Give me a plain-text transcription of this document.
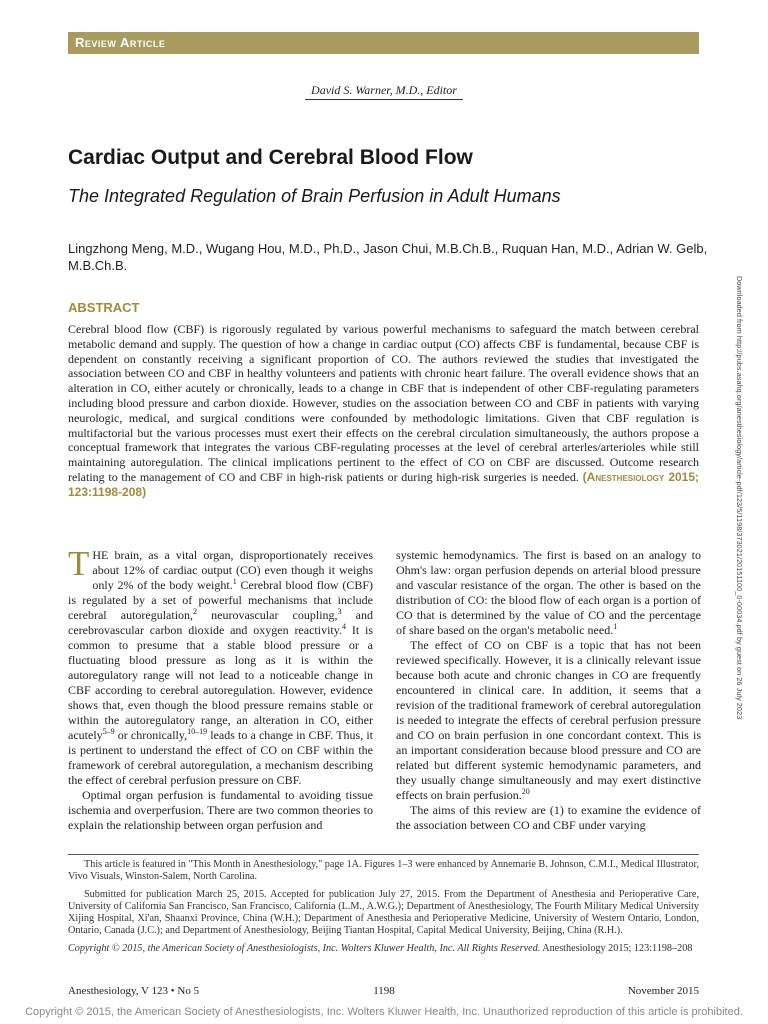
Review Article
David S. Warner, M.D., Editor
Cardiac Output and Cerebral Blood Flow
The Integrated Regulation of Brain Perfusion in Adult Humans
Lingzhong Meng, M.D., Wugang Hou, M.D., Ph.D., Jason Chui, M.B.Ch.B., Ruquan Han, M.D., Adrian W. Gelb, M.B.Ch.B.
ABSTRACT
Cerebral blood flow (CBF) is rigorously regulated by various powerful mechanisms to safeguard the match between cerebral metabolic demand and supply. The question of how a change in cardiac output (CO) affects CBF is fundamental, because CBF is dependent on constantly receiving a significant proportion of CO. The authors reviewed the studies that investigated the association between CO and CBF in healthy volunteers and patients with chronic heart failure. The overall evidence shows that an alteration in CO, either acutely or chronically, leads to a change in CBF that is independent of other CBF-regulating parameters including blood pressure and carbon dioxide. However, studies on the association between CO and CBF in patients with varying neurologic, medical, and surgical conditions were confounded by methodologic limitations. Given that CBF regulation is multifactorial but the various processes must exert their effects on the cerebral circulation simultaneously, the authors propose a conceptual framework that integrates the various CBF-regulating processes at the level of cerebral arterles/arterioles while still maintaining autoregulation. The clinical implications pertinent to the effect of CO on CBF are discussed. Outcome research relating to the management of CO and CBF in high-risk patients or during high-risk surgeries is needed. (Anesthesiology 2015; 123:1198-208)

THE brain, as a vital organ, disproportionately receives about 12% of cardiac output (CO) even though it weighs only 2% of the body weight.$^1$ Cerebral blood flow (CBF) is regulated by a set of powerful mechanisms that include cerebral autoregulation,$^2$ neurovascular coupling,$^3$ and cerebrovascular carbon dioxide and oxygen reactivity.$^4$ It is common to presume that a stable blood pressure or a fluctuating blood pressure as long as it is within the autoregulatory range will not lead to a noticeable change in CBF according to cerebral autoregulation. However, evidence shows that, even though the blood pressure remains stable or within the autoregulatory range, an alteration in CO, either acutely$^{5-9}$ or chronically,$^{10-19}$ leads to a change in CBF. Thus, it is pertinent to understand the effect of CO on CBF within the framework of cerebral autoregulation, a mechanism describing the effect of cerebral perfusion pressure on CBF.

Optimal organ perfusion is fundamental to avoiding tissue ischemia and overperfusion. There are two common theories to explain the relationship between organ perfusion and

systemic hemodynamics. The first is based on an analogy to Ohm's law: organ perfusion depends on arterial blood pressure and vascular resistance of the organ. The other is based on the distribution of CO: the blood flow of each organ is a portion of CO that is determined by the value of CO and the percentage of share based on the organ's metabolic need.$^1$

The effect of CO on CBF is a topic that has not been reviewed specifically. However, it is a clinically relevant issue because both acute and chronic changes in CO are frequently encountered in clinical care. In addition, it seems that a revision of the traditional framework of cerebral autoregulation is needed to integrate the effects of cerebral perfusion pressure and CO on brain perfusion in one concordant context. This is an important consideration because blood pressure and CO are related but different systemic hemodynamic parameters, and they usually change simultaneously and may exert distinctive effects on brain perfusion.$^{20}$

The aims of this review are (1) to examine the evidence of the association between CO and CBF under varying

This article is featured in "This Month in Anesthesiology," page 1A. Figures 1–3 were enhanced by Annemarie B. Johnson, C.M.I., Medical Illustrator, Vivo Visuals, Winston-Salem, North Carolina.

Submitted for publication March 25, 2015. Accepted for publication July 27, 2015. From the Department of Anesthesia and Perioperative Care, University of California San Francisco, San Francisco, California (L.M., A.W.G.); Department of Anesthesiology, The Fourth Military Medical University Xijing Hospital, Xi'an, Shaanxi Province, China (W.H.); Department of Anesthesia and Perioperative Medicine, University of Western Ontario, London, Ontario, Canada (J.C.); and Department of Anesthesiology, Beijing Tiantan Hospital, Capital Medical University, Beijing, China (R.H.).

Copyright © 2015, the American Society of Anesthesiologists, Inc. Wolters Kluwer Health, Inc. All Rights Reserved. Anesthesiology 2015; 123:1198–208

Anesthesiology, V 123 • No 5	1198	November 2015
Copyright © 2015, the American Society of Anesthesiologists, Inc. Wolters Kluwer Health, Inc. Unauthorized reproduction of this article is prohibited.
Downloaded from http://pubs.asahq.org/anesthesiology/article-pdf/123/5/1198/373021/20151100_0-00034.pdf by guest on 26 July 2023
